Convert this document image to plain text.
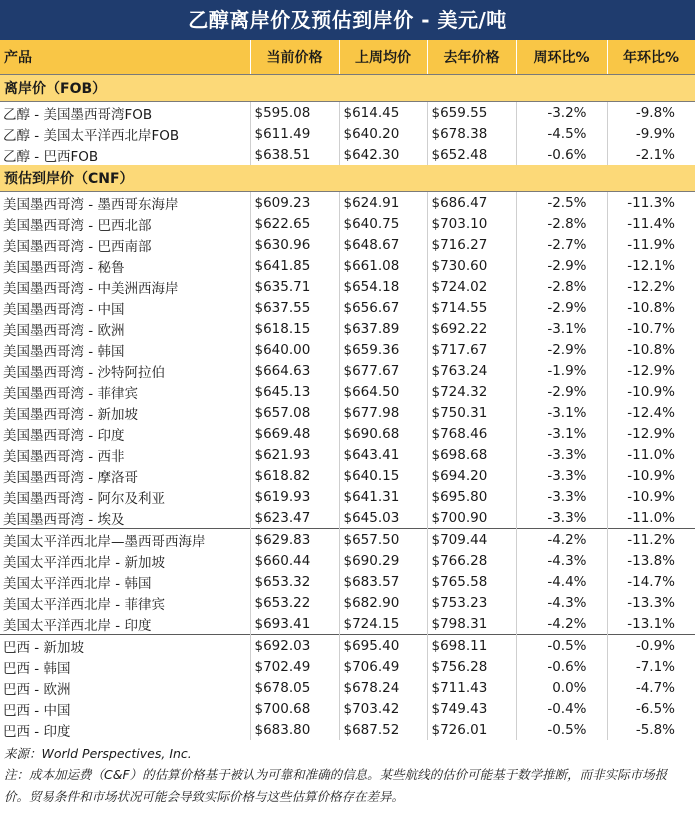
乙醇离岸价及预估到岸价 - 美元/吨
产品	当前价格	上周均价	去年价格	周环比%	年环比%
离岸价（FOB）					
乙醇 - 美国墨西哥湾FOB	$595.08	$614.45	$659.55	-3.2%	-9.8%
乙醇 - 美国太平洋西北岸FOB	$611.49	$640.20	$678.38	-4.5%	-9.9%
乙醇 - 巴西FOB	$638.51	$642.30	$652.48	-0.6%	-2.1%
预估到岸价（CNF）					
美国墨西哥湾 - 墨西哥东海岸	$609.23	$624.91	$686.47	-2.5%	-11.3%
美国墨西哥湾 - 巴西北部	$622.65	$640.75	$703.10	-2.8%	-11.4%
美国墨西哥湾 - 巴西南部	$630.96	$648.67	$716.27	-2.7%	-11.9%
美国墨西哥湾 - 秘鲁	$641.85	$661.08	$730.60	-2.9%	-12.1%
美国墨西哥湾 - 中美洲西海岸	$635.71	$654.18	$724.02	-2.8%	-12.2%
美国墨西哥湾 - 中国	$637.55	$656.67	$714.55	-2.9%	-10.8%
美国墨西哥湾 - 欧洲	$618.15	$637.89	$692.22	-3.1%	-10.7%
美国墨西哥湾 - 韩国	$640.00	$659.36	$717.67	-2.9%	-10.8%
美国墨西哥湾 - 沙特阿拉伯	$664.63	$677.67	$763.24	-1.9%	-12.9%
美国墨西哥湾 - 菲律宾	$645.13	$664.50	$724.32	-2.9%	-10.9%
美国墨西哥湾 - 新加坡	$657.08	$677.98	$750.31	-3.1%	-12.4%
美国墨西哥湾 - 印度	$669.48	$690.68	$768.46	-3.1%	-12.9%
美国墨西哥湾 - 西非	$621.93	$643.41	$698.68	-3.3%	-11.0%
美国墨西哥湾 - 摩洛哥	$618.82	$640.15	$694.20	-3.3%	-10.9%
美国墨西哥湾 - 阿尔及利亚	$619.93	$641.31	$695.80	-3.3%	-10.9%
美国墨西哥湾 - 埃及	$623.47	$645.03	$700.90	-3.3%	-11.0%
美国太平洋西北岸—墨西哥西海岸	$629.83	$657.50	$709.44	-4.2%	-11.2%
美国太平洋西北岸 - 新加坡	$660.44	$690.29	$766.28	-4.3%	-13.8%
美国太平洋西北岸 - 韩国	$653.32	$683.57	$765.58	-4.4%	-14.7%
美国太平洋西北岸 - 菲律宾	$653.22	$682.90	$753.23	-4.3%	-13.3%
美国太平洋西北岸 - 印度	$693.41	$724.15	$798.31	-4.2%	-13.1%
巴西 - 新加坡	$692.03	$695.40	$698.11	-0.5%	-0.9%
巴西 - 韩国	$702.49	$706.49	$756.28	-0.6%	-7.1%
巴西 - 欧洲	$678.05	$678.24	$711.43	0.0%	-4.7%
巴西 - 中国	$700.68	$703.42	$749.43	-0.4%	-6.5%
巴西 - 印度	$683.80	$687.52	$726.01	-0.5%	-5.8%
来源：World Perspectives, Inc.
注：成本加运费（C&F）的估算价格基于被认为可靠和准确的信息。某些航线的估价可能基于数学推断，而非实际市场报价。贸易条件和市场状况可能会导致实际价格与这些估算价格存在差异。
